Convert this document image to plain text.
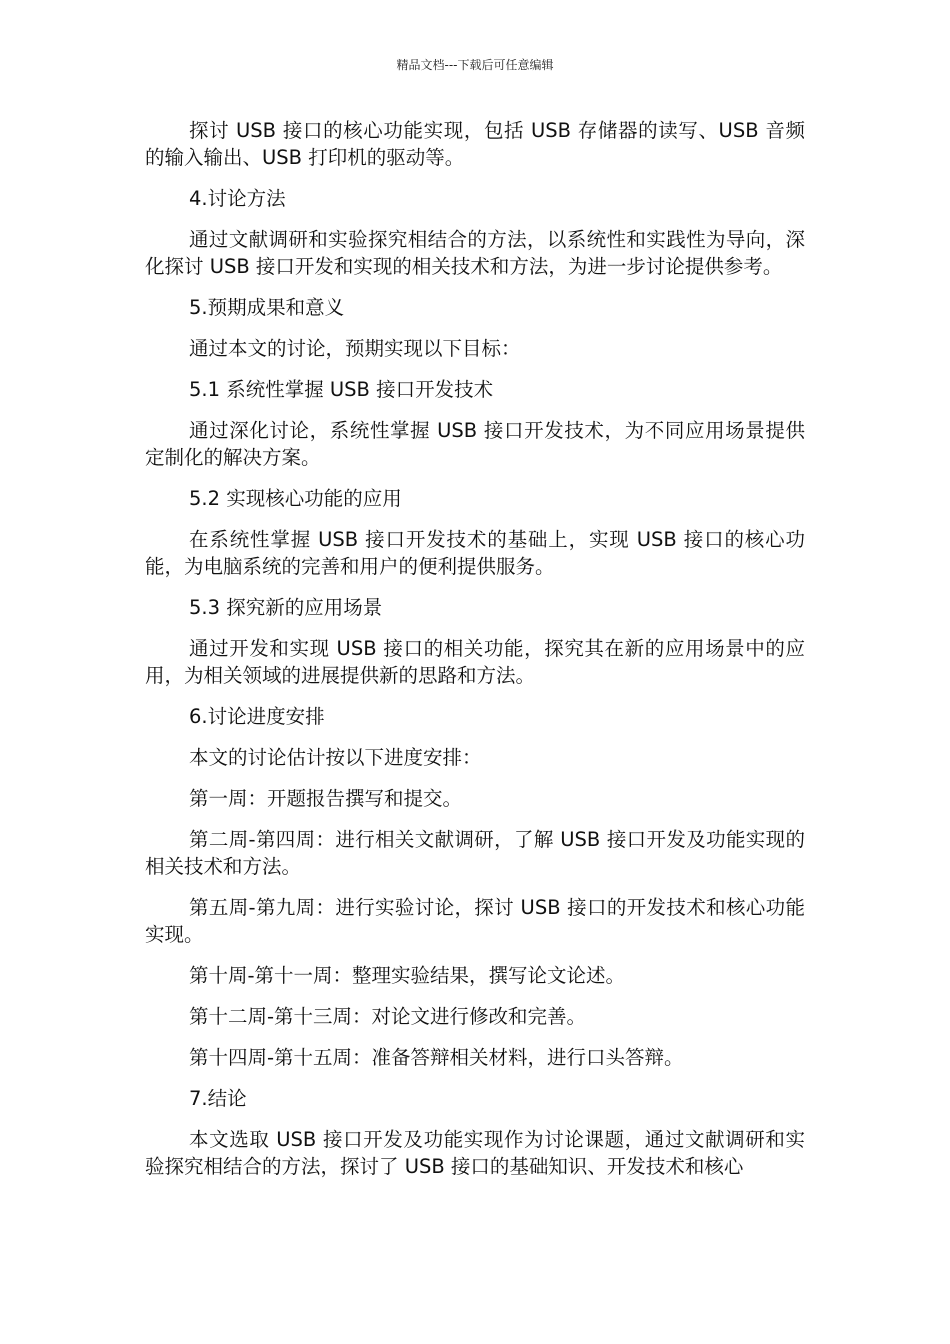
精品文档---下载后可任意编辑

探讨 USB 接口的核心功能实现，包括 USB 存储器的读写、USB 音频的输入输出、USB 打印机的驱动等。

4.讨论方法

通过文献调研和实验探究相结合的方法，以系统性和实践性为导向，深化探讨 USB 接口开发和实现的相关技术和方法，为进一步讨论提供参考。

5.预期成果和意义

通过本文的讨论，预期实现以下目标：

5.1 系统性掌握 USB 接口开发技术

通过深化讨论，系统性掌握 USB 接口开发技术，为不同应用场景提供定制化的解决方案。

5.2 实现核心功能的应用

在系统性掌握 USB 接口开发技术的基础上，实现 USB 接口的核心功能，为电脑系统的完善和用户的便利提供服务。

5.3 探究新的应用场景

通过开发和实现 USB 接口的相关功能，探究其在新的应用场景中的应用，为相关领域的进展提供新的思路和方法。

6.讨论进度安排

本文的讨论估计按以下进度安排：

第一周：开题报告撰写和提交。

第二周-第四周：进行相关文献调研，了解 USB 接口开发及功能实现的相关技术和方法。

第五周-第九周：进行实验讨论，探讨 USB 接口的开发技术和核心功能实现。

第十周-第十一周：整理实验结果，撰写论文论述。

第十二周-第十三周：对论文进行修改和完善。

第十四周-第十五周：准备答辩相关材料，进行口头答辩。

7.结论

本文选取 USB 接口开发及功能实现作为讨论课题，通过文献调研和实验探究相结合的方法，探讨了 USB 接口的基础知识、开发技术和核心
